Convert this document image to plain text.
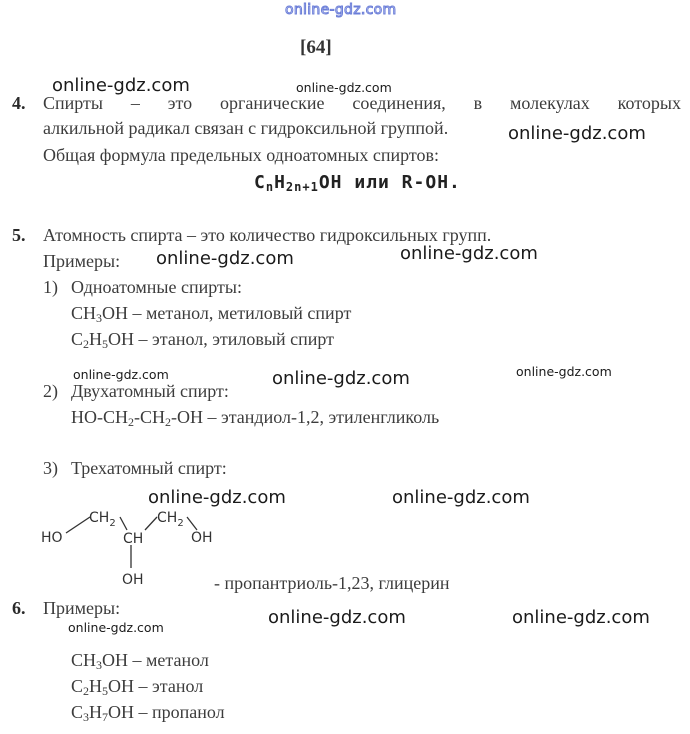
online-gdz.com
[64]
4. Спирты – это органические соединения, в молекулах которых
алкильной радикал связан с гидроксильной группой.
Общая формула предельных одноатомных спиртов:
$C_nH_{2n+1}OH$ или R-OH.
5. Атомность спирта – это количество гидроксильных групп.
Примеры:
1) Одноатомные спирты:
$CH_3OH$ – метанол, метиловый спирт
$C_2H_5OH$ – этанол, этиловый спирт
2) Двухатомный спирт:
$HO-CH_2-CH_2-OH$ – этандиол-1,2, этиленгликоль
3) Трехатомный спирт:
HO
$CH_2$
CH
$CH_2$
OH
OH	- пропантриоль-1,23, глицерин
6. Примеры:
$CH_3OH$ – метанол
$C_2H_5OH$ – этанол
$C_3H_7OH$ – пропанол
online-gdz.com	online-gdz.com
online-gdz.com
online-gdz.com
online-gdz.com
online-gdz.com	online-gdz.com
online-gdz.com
online-gdz.com	online-gdz.com
online-gdz.com	online-gdz.com
online-gdz.com
